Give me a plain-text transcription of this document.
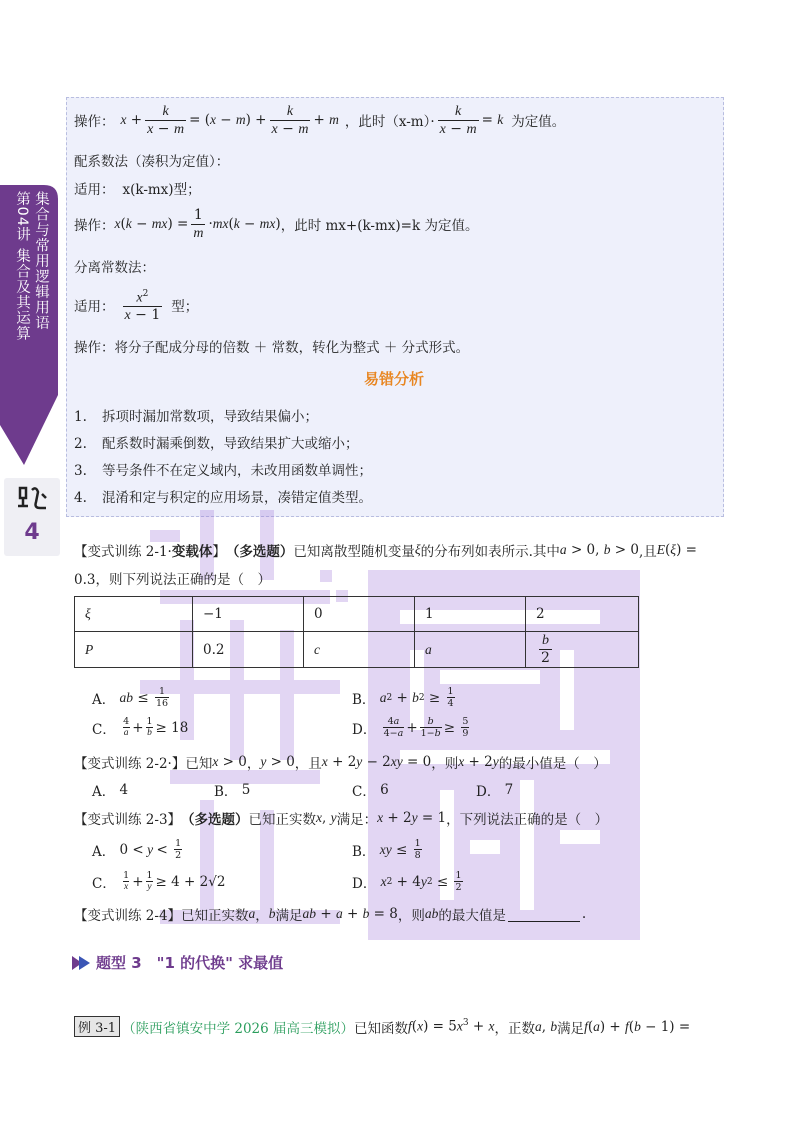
集合与常用逻辑用语
第04讲 集合及其运算
4
操作： $x + \frac{k}{x - m} = (x - m) + \frac{k}{x - m} + m$ ，此时$(x-m)\cdot \frac{k}{x - m} = k$ 为定值。
配系数法（凑积为定值）：
适用： x(k-mx)型；
操作： x ( k − mx ) = $\frac{1}{m} \cdot mx(k - mx)$ ，此时 mx+(k-mx)=k 为定值。
分离常数法：
适用： $\frac{x^2}{x - 1}$ 型；
操作：将分子配成分母的倍数 ＋ 常数，转化为整式 ＋ 分式形式。
易错分析
1. 拆项时漏加常数项，导致结果偏小；
2. 配系数时漏乘倒数，导致结果扩大或缩小；
3. 等号条件不在定义域内，未改用函数单调性；
4. 混淆和定与积定的应用场景，凑错定值类型。
【变式训练 2-1· 变载体 】 （多选题） 已知离散型随机变量 ξ 的分布列如表所示.其中 a > 0, b > 0 ,且 E(ξ) =
0.3，则下列说法正确的是（　）
ξ	−1	0	1	2
P	0.2	c	a	$\frac{b}{2}$
A．
ab ≤ 1
16	B．
a 2 + b 2 ≥ 1
4
C．
4
a + 1
b ≥ 18	D．
4a
4−a + b
1−b ≥ 5
9
【变式训练 2-2·】已知 x > 0 ， y > 0 ，且 x + 2y − 2xy = 0 ，则 x + 2y 的最小值是（　）
A．
4	B．
5	C．
6	D．
7
【变式训练 2-3】 （多选题） 已知正实数 x, y 满足： x + 2y = 1 ，下列说法正确的是（　）
A． 0 < y < 1
2	B．
xy ≤ 1
8
C．
1
x + 1
y ≥ 4 + 2√2	D．
x 2 + 4 y 2 ≤ 1
2
【变式训练 2-4】已知正实数 a ， b 满足 ab + a + b = 8 ，则 ab 的最大值是	.
题型 3　"1 的代换" 求最值
例 3-1 （陕西省镇安中学 2026 届高三模拟） 已知函数 $f(x) = 5x^3 + x$ ，正数 a, b 满足 f(a) + f(b − 1) =
